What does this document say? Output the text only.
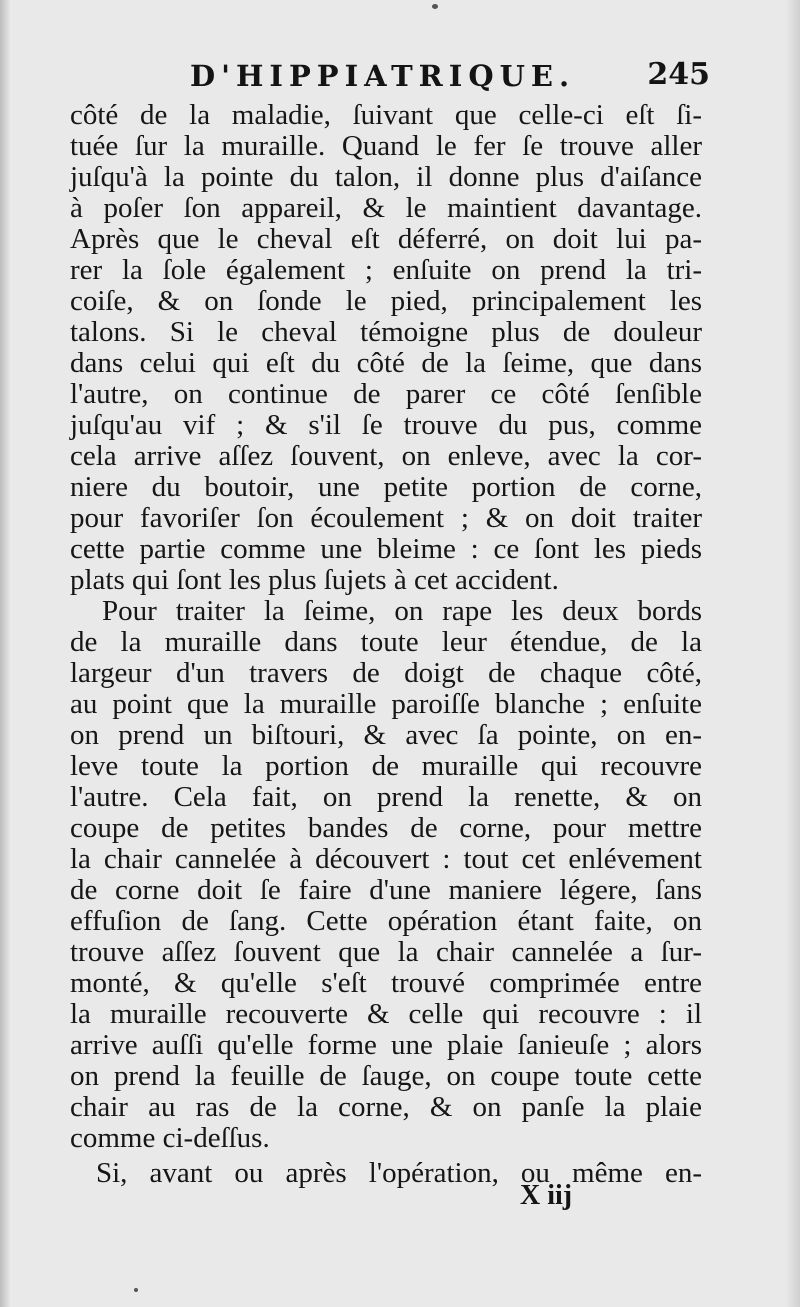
D'HIPPIATRIQUE. 245
côté de la maladie, ſuivant que celle-ci eſt ſi-
tuée ſur la muraille. Quand le fer ſe trouve aller
juſqu'à la pointe du talon, il donne plus d'aiſance
à poſer ſon appareil, & le maintient davantage.
Après que le cheval eſt déferré, on doit lui pa-
rer la ſole également ; enſuite on prend la tri-
coiſe, & on ſonde le pied, principalement les
talons. Si le cheval témoigne plus de douleur
dans celui qui eſt du côté de la ſeime, que dans
l'autre, on continue de parer ce côté ſenſible
juſqu'au vif ; & s'il ſe trouve du pus, comme
cela arrive aſſez ſouvent, on enleve, avec la cor-
niere du boutoir, une petite portion de corne,
pour favoriſer ſon écoulement ; & on doit traiter
cette partie comme une bleime : ce ſont les pieds
plats qui ſont les plus ſujets à cet accident.
Pour traiter la ſeime, on rape les deux bords
de la muraille dans toute leur étendue, de la
largeur d'un travers de doigt de chaque côté,
au point que la muraille paroiſſe blanche ; enſuite
on prend un biſtouri, & avec ſa pointe, on en-
leve toute la portion de muraille qui recouvre
l'autre. Cela fait, on prend la renette, & on
coupe de petites bandes de corne, pour mettre
la chair cannelée à découvert : tout cet enlévement
de corne doit ſe faire d'une maniere légere, ſans
effuſion de ſang. Cette opération étant faite, on
trouve aſſez ſouvent que la chair cannelée a ſur-
monté, & qu'elle s'eſt trouvé comprimée entre
la muraille recouverte & celle qui recouvre : il
arrive auſſi qu'elle forme une plaie ſanieuſe ; alors
on prend la feuille de ſauge, on coupe toute cette
chair au ras de la corne, & on panſe la plaie
comme ci-deſſus.
Si, avant ou après l'opération, ou même en-
X iij
